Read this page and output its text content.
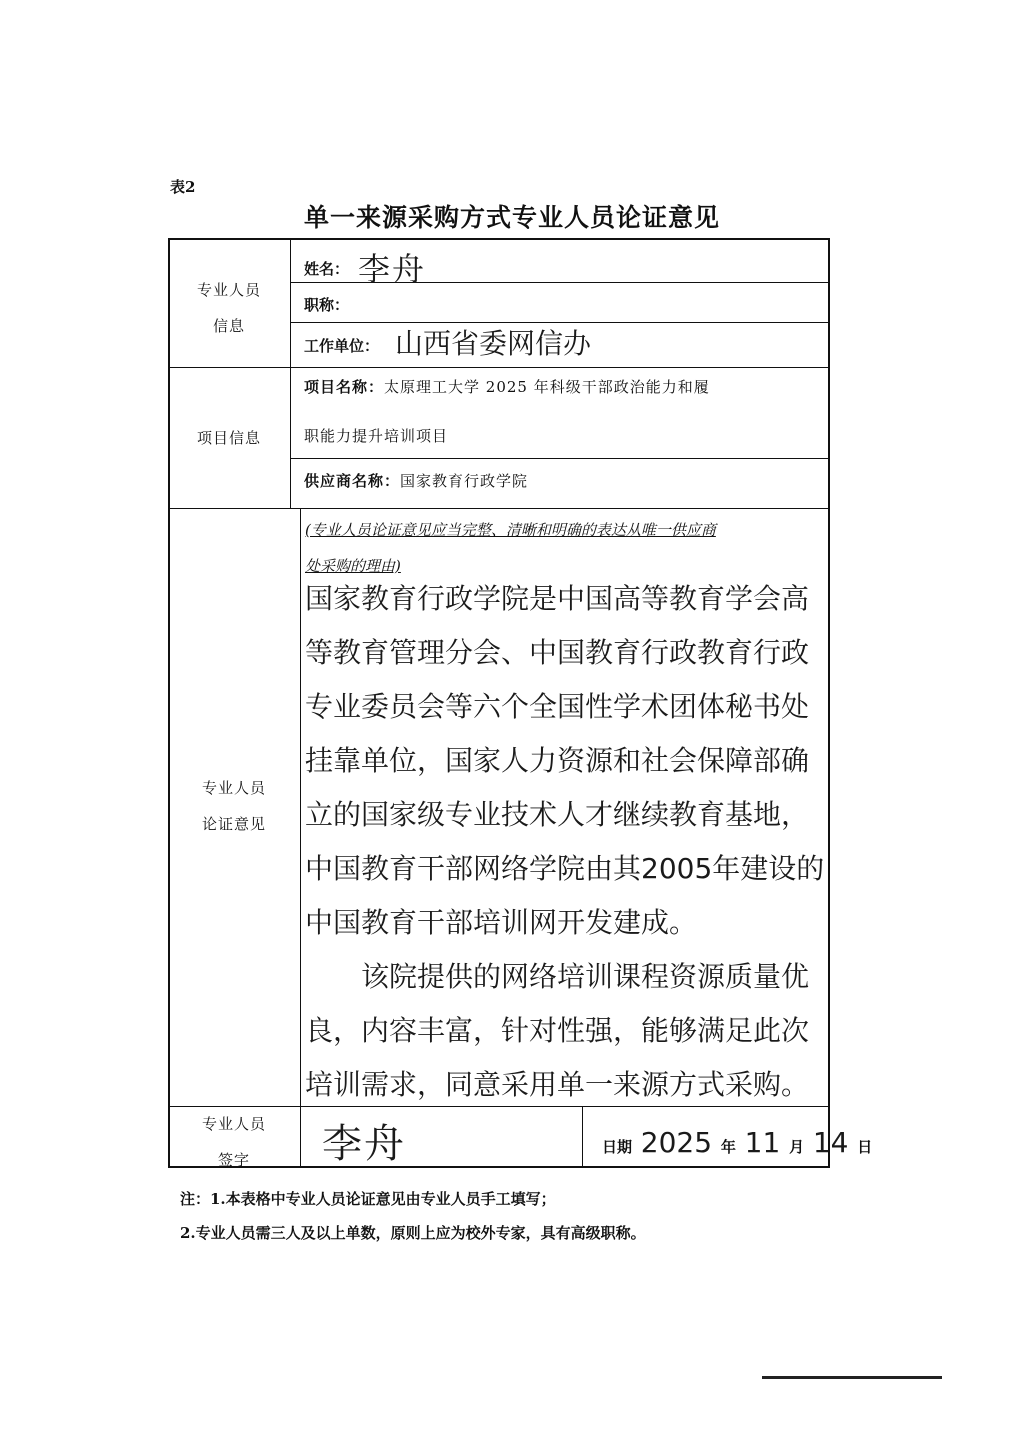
表2
单一来源采购方式专业人员论证意见
专业人员
信息
姓名： 李舟
职称：
工作单位： 山西省委网信办
项目信息
项目名称：太原理工大学 2025 年科级干部政治能力和履
职能力提升培训项目
供应商名称：国家教育行政学院
专业人员
论证意见
(专业人员论证意见应当完整、清晰和明确的表达从唯一供应商
处采购的理由)

国家教育行政学院是中国高等教育学会高等教育管理分会、中国教育行政教育行政专业委员会等六个全国性学术团体秘书处挂靠单位，国家人力资源和社会保障部确立的国家级专业技术人才继续教育基地，中国教育干部网络学院由其2005年建设的中国教育干部培训网开发建成。

该院提供的网络培训课程资源质量优良，内容丰富，针对性强，能够满足此次培训需求，同意采用单一来源方式采购。

专业人员
签字	李舟	日期 2025 年 11 月 14 日
注：1.本表格中专业人员论证意见由专业人员手工填写；
2.专业人员需三人及以上单数，原则上应为校外专家，具有高级职称。
